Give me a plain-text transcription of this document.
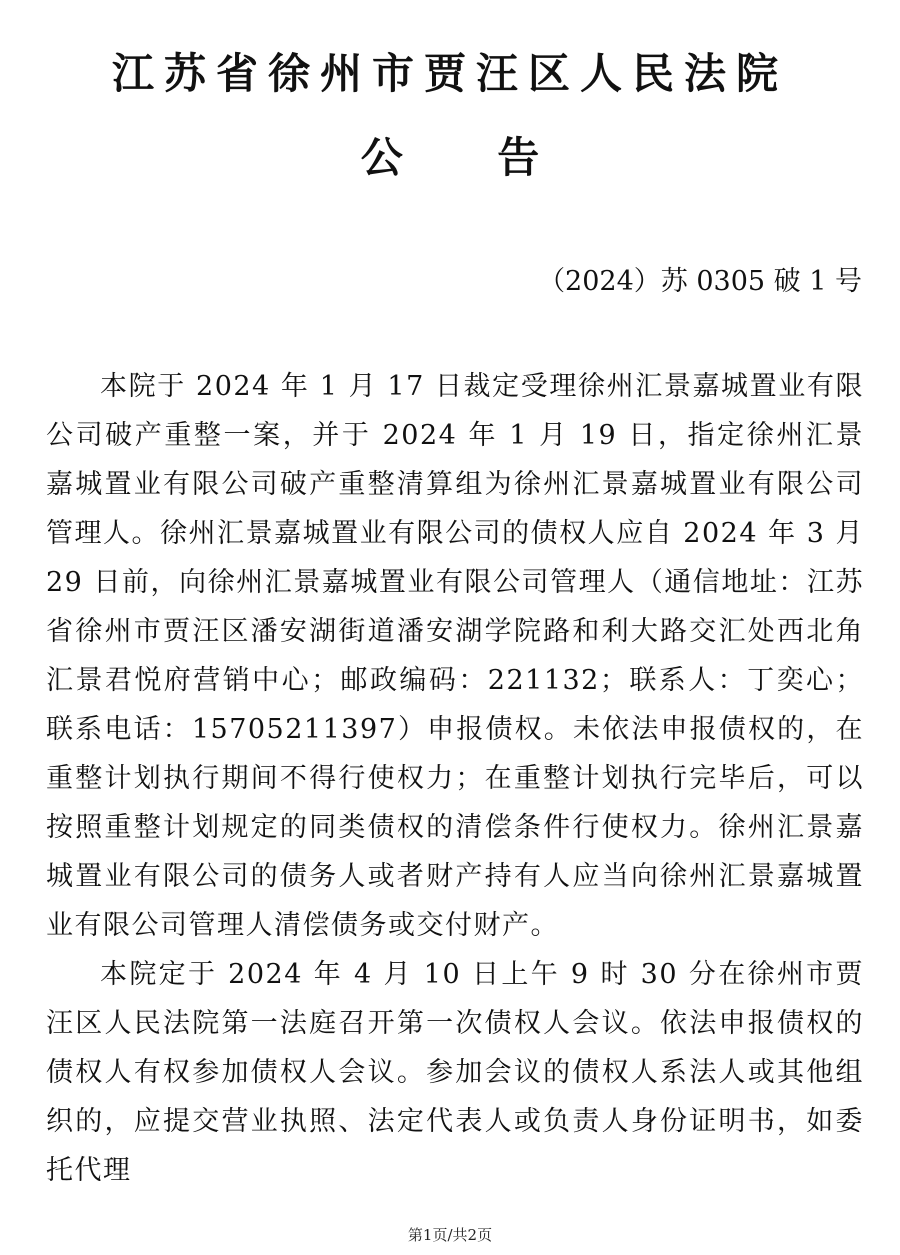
江苏省徐州市贾汪区人民法院
公 告

（2024）苏 0305 破 1 号

本院于 2024 年 1 月 17 日裁定受理徐州汇景嘉城置业有限公司破产重整一案，并于 2024 年 1 月 19 日，指定徐州汇景嘉城置业有限公司破产重整清算组为徐州汇景嘉城置业有限公司管理人。徐州汇景嘉城置业有限公司的债权人应自 2024 年 3 月 29 日前，向徐州汇景嘉城置业有限公司管理人（通信地址：江苏省徐州市贾汪区潘安湖街道潘安湖学院路和利大路交汇处西北角汇景君悦府营销中心；邮政编码：221132；联系人：丁奕心；联系电话：15705211397）申报债权。未依法申报债权的，在重整计划执行期间不得行使权力；在重整计划执行完毕后，可以按照重整计划规定的同类债权的清偿条件行使权力。徐州汇景嘉城置业有限公司的债务人或者财产持有人应当向徐州汇景嘉城置业有限公司管理人清偿债务或交付财产。

本院定于 2024 年 4 月 10 日上午 9 时 30 分在徐州市贾汪区人民法院第一法庭召开第一次债权人会议。依法申报债权的债权人有权参加债权人会议。参加会议的债权人系法人或其他组织的，应提交营业执照、法定代表人或负责人身份证明书，如委托代理

第1页/共2页
